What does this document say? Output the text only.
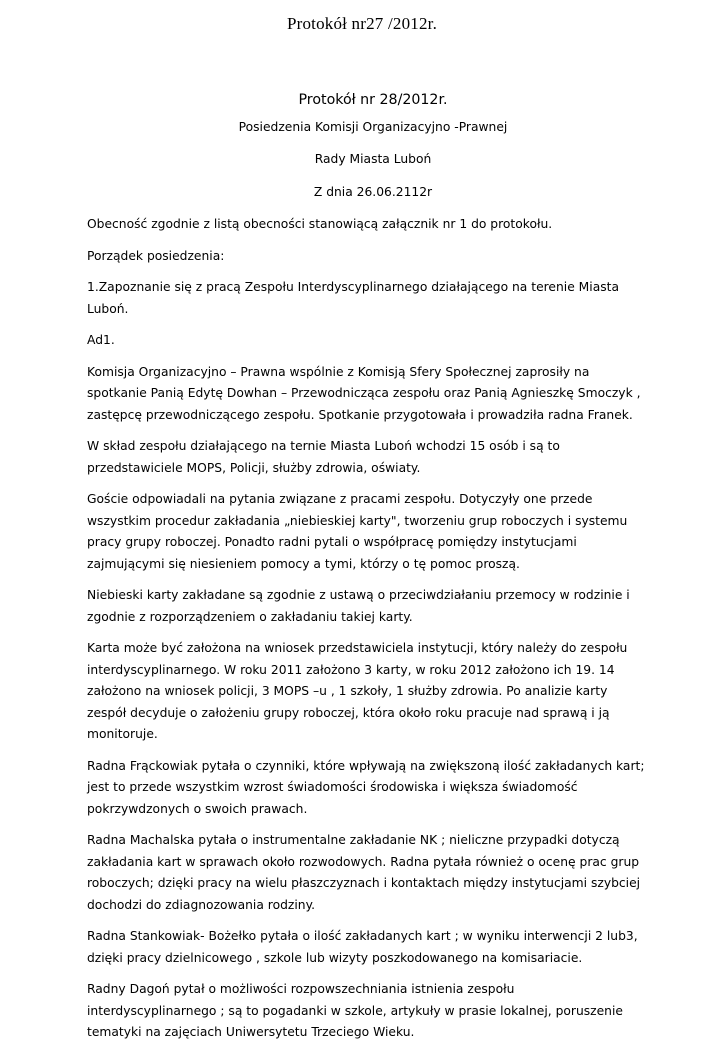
Protokół nr27 /2012r.
Protokół nr 28/2012r.
Posiedzenia Komisji Organizacyjno -Prawnej
Rady Miasta Luboń
Z dnia 26.06.2112r

Obecność zgodnie z listą obecności stanowiącą załącznik nr 1 do protokołu.

Porządek posiedzenia:

1.Zapoznanie się z pracą Zespołu Interdyscyplinarnego działającego na terenie Miasta Luboń.

Ad1.

Komisja Organizacyjno – Prawna wspólnie z Komisją Sfery Społecznej zaprosiły na spotkanie Panią Edytę Dowhan – Przewodnicząca zespołu oraz Panią Agnieszkę Smoczyk , zastępcę przewodniczącego zespołu. Spotkanie przygotowała i prowadziła radna Franek.

W skład zespołu działającego na ternie Miasta Luboń wchodzi 15 osób i są to przedstawiciele MOPS, Policji, służby zdrowia, oświaty.

Goście odpowiadali na pytania związane z pracami zespołu. Dotyczyły one przede wszystkim procedur zakładania „niebieskiej karty", tworzeniu grup roboczych i systemu pracy grupy roboczej. Ponadto radni pytali o współpracę pomiędzy instytucjami zajmującymi się niesieniem pomocy a tymi, którzy o tę pomoc proszą.

Niebieski karty zakładane są zgodnie z ustawą o przeciwdziałaniu przemocy w rodzinie i zgodnie z rozporządzeniem o zakładaniu takiej karty.

Karta może być założona na wniosek przedstawiciela instytucji, który należy do zespołu interdyscyplinarnego. W roku 2011 założono 3 karty, w roku 2012 założono ich 19. 14 założono na wniosek policji, 3 MOPS –u , 1 szkoły, 1 służby zdrowia. Po analizie karty zespół decyduje o założeniu grupy roboczej, która około roku pracuje nad sprawą i ją monitoruje.

Radna Frąckowiak pytała o czynniki, które wpływają na zwiększoną ilość zakładanych kart; jest to przede wszystkim wzrost świadomości środowiska i większa świadomość pokrzywdzonych o swoich prawach.

Radna Machalska pytała o instrumentalne zakładanie NK ; nieliczne przypadki dotyczą zakładania kart w sprawach około rozwodowych. Radna pytała również o ocenę prac grup roboczych; dzięki pracy na wielu płaszczyznach i kontaktach między instytucjami szybciej dochodzi do zdiagnozowania rodziny.

Radna Stankowiak- Bożełko pytała o ilość zakładanych kart ; w wyniku interwencji 2 lub3, dzięki pracy dzielnicowego , szkole lub wizyty poszkodowanego na komisariacie.

Radny Dagoń pytał o możliwości rozpowszechniania istnienia zespołu interdyscyplinarnego ; są to pogadanki w szkole, artykuły w prasie lokalnej, poruszenie tematyki na zajęciach Uniwersytetu Trzeciego Wieku.
